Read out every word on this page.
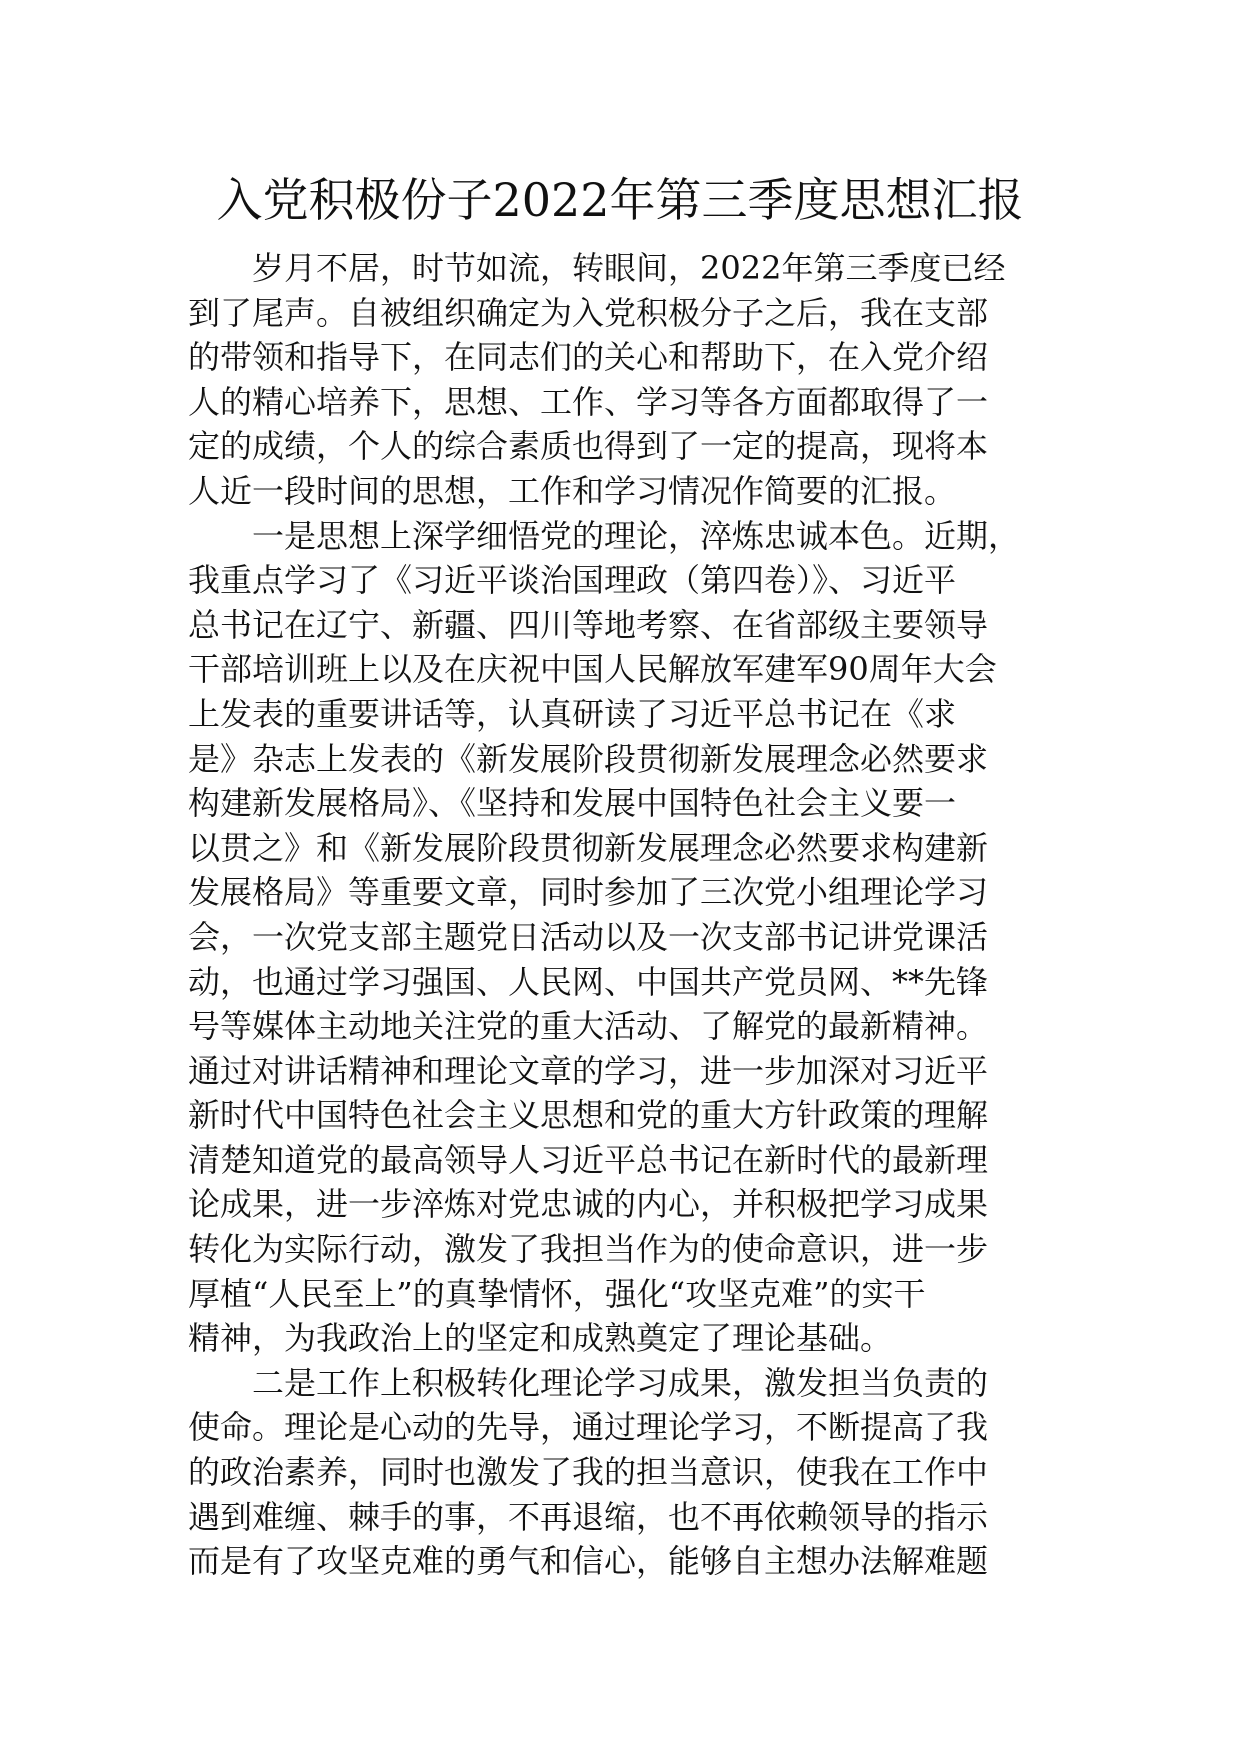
入党积极份子2022年第三季度思想汇报
岁月不居，时节如流，转眼间，2022年第三季度已经
到了尾声。自被组织确定为入党积极分子之后，我在支部
的带领和指导下，在同志们的关心和帮助下，在入党介绍
人的精心培养下，思想、工作、学习等各方面都取得了一
定的成绩，个人的综合素质也得到了一定的提高，现将本
人近一段时间的思想，工作和学习情况作简要的汇报。
一是思想上深学细悟党的理论，淬炼忠诚本色。近期，
我重点学习了《习近平谈治国理政（第四卷）》、习近平
总书记在辽宁、新疆、四川等地考察、在省部级主要领导
干部培训班上以及在庆祝中国人民解放军建军90周年大会
上发表的重要讲话等，认真研读了习近平总书记在《求
是》杂志上发表的《新发展阶段贯彻新发展理念必然要求
构建新发展格局》、《坚持和发展中国特色社会主义要一
以贯之》和《新发展阶段贯彻新发展理念必然要求构建新
发展格局》等重要文章，同时参加了三次党小组理论学习
会，一次党支部主题党日活动以及一次支部书记讲党课活
动，也通过学习强国、人民网、中国共产党员网、**先锋
号等媒体主动地关注党的重大活动、了解党的最新精神。
通过对讲话精神和理论文章的学习，进一步加深对习近平
新时代中国特色社会主义思想和党的重大方针政策的理解
清楚知道党的最高领导人习近平总书记在新时代的最新理
论成果，进一步淬炼对党忠诚的内心，并积极把学习成果
转化为实际行动，激发了我担当作为的使命意识，进一步
厚植“人民至上”的真挚情怀，强化“攻坚克难”的实干
精神，为我政治上的坚定和成熟奠定了理论基础。
二是工作上积极转化理论学习成果，激发担当负责的
使命。理论是心动的先导，通过理论学习，不断提高了我
的政治素养，同时也激发了我的担当意识，使我在工作中
遇到难缠、棘手的事，不再退缩，也不再依赖领导的指示
而是有了攻坚克难的勇气和信心，能够自主想办法解难题
